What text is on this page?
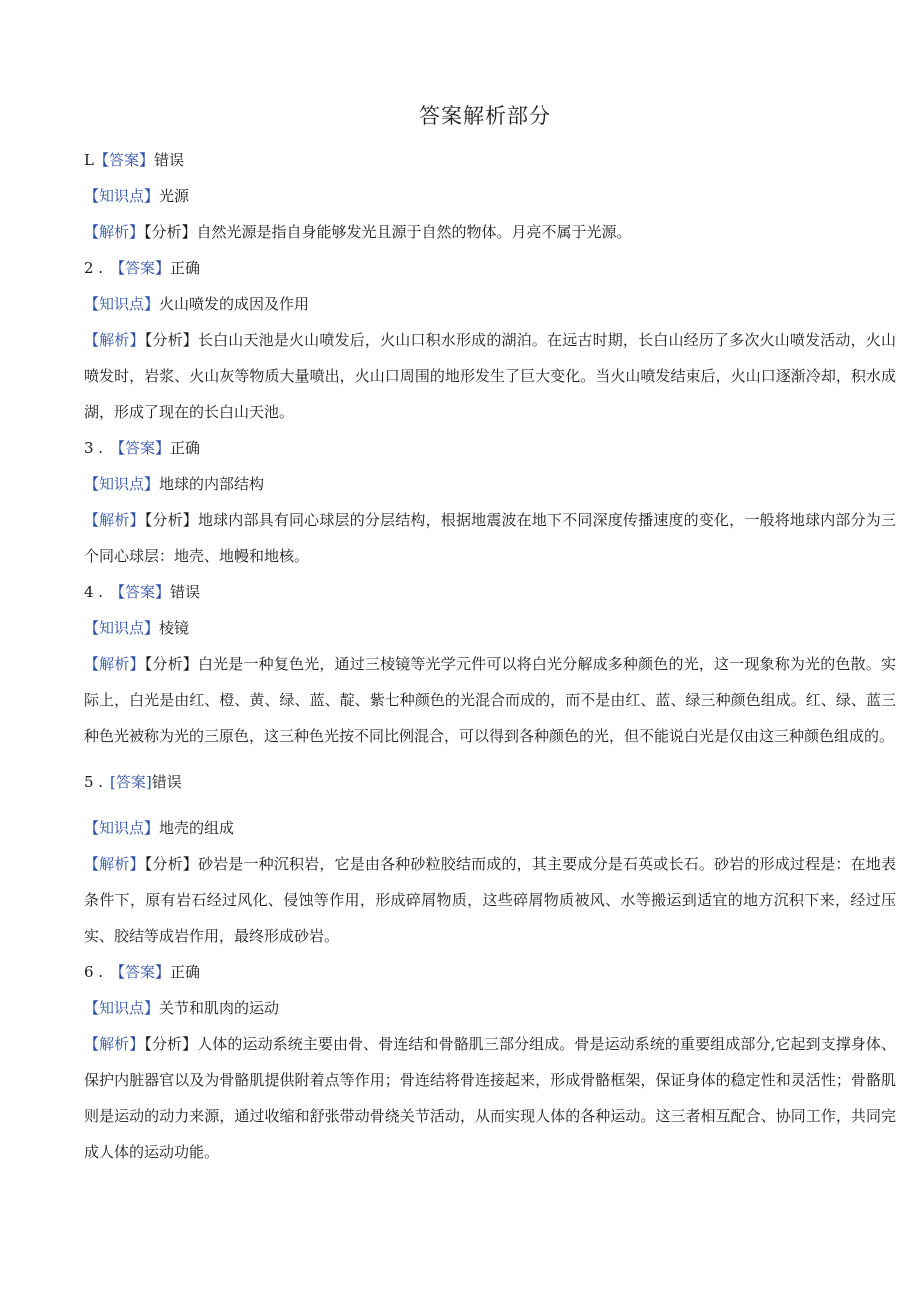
答案解析部分
L【答案】错误
【知识点】光源
【解析】【分析】自然光源是指自身能够发光且源于自然的物体。月亮不属于光源。
2 . 【答案】正确
【知识点】火山喷发的成因及作用
【解析】【分析】长白山天池是火山喷发后，火山口积水形成的湖泊。在远古时期，长白山经历了多次火山喷发活动，火山喷发时，岩浆、火山灰等物质大量喷出，火山口周围的地形发生了巨大变化。当火山喷发结束后，火山口逐渐冷却，积水成湖，形成了现在的长白山天池。
3 . 【答案】正确
【知识点】地球的内部结构
【解析】【分析】地球内部具有同心球层的分层结构，根据地震波在地下不同深度传播速度的变化，一般将地球内部分为三个同心球层：地壳、地幔和地核。
4 . 【答案】错误
【知识点】棱镜
【解析】【分析】白光是一种复色光，通过三棱镜等光学元件可以将白光分解成多种颜色的光，这一现象称为光的色散。实际上，白光是由红、橙、黄、绿、蓝、靛、紫七种颜色的光混合而成的，而不是由红、蓝、绿三种颜色组成。红、绿、蓝三种色光被称为光的三原色，这三种色光按不同比例混合，可以得到各种颜色的光，但不能说白光是仅由这三种颜色组成的。
5 . [答案]错误
【知识点】地壳的组成
【解析】【分析】砂岩是一种沉积岩，它是由各种砂粒胶结而成的，其主要成分是石英或长石。砂岩的形成过程是：在地表条件下，原有岩石经过风化、侵蚀等作用，形成碎屑物质，这些碎屑物质被风、水等搬运到适宜的地方沉积下来，经过压实、胶结等成岩作用，最终形成砂岩。
6 . 【答案】正确
【知识点】关节和肌肉的运动
【解析】【分析】人体的运动系统主要由骨、骨连结和骨骼肌三部分组成。骨是运动系统的重要组成部分,它起到支撑身体、保护内脏器官以及为骨骼肌提供附着点等作用；骨连结将骨连接起来，形成骨骼框架，保证身体的稳定性和灵活性；骨骼肌则是运动的动力来源，通过收缩和舒张带动骨绕关节活动，从而实现人体的各种运动。这三者相互配合、协同工作，共同完成人体的运动功能。
